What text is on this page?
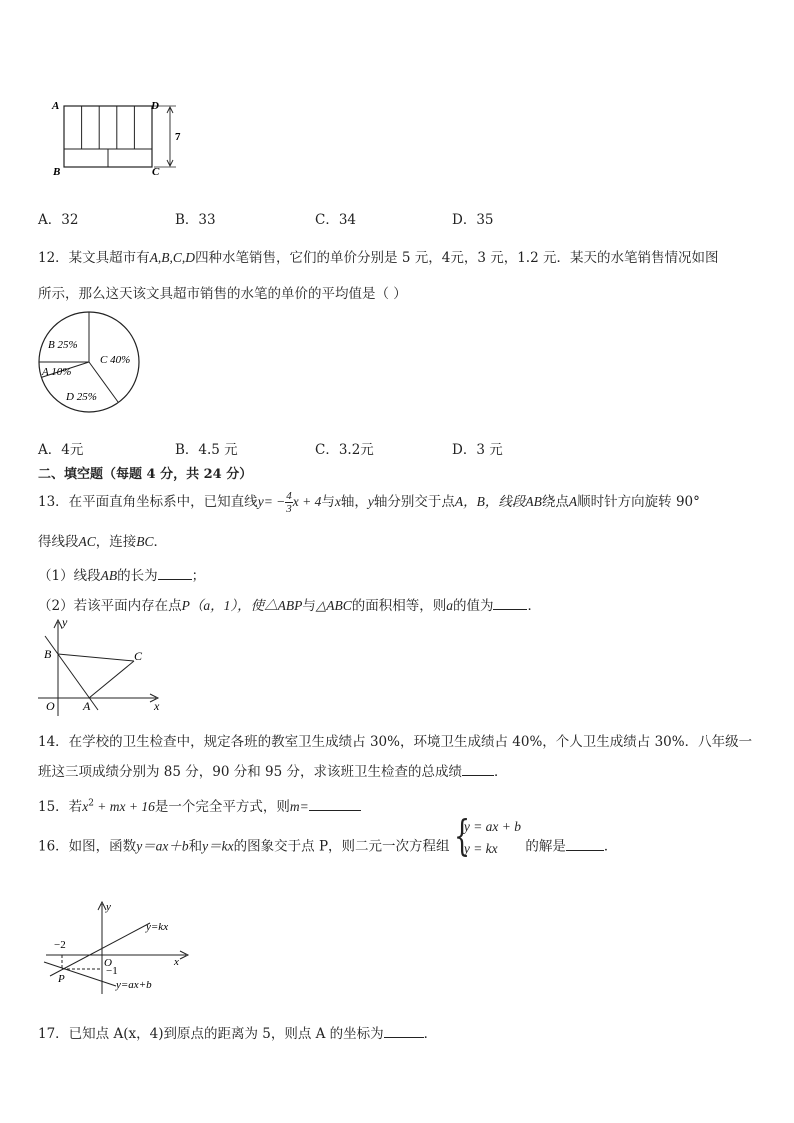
A	D
B	C
7
A．32	B．33	C．34	D．35
12．某文具超市有A,B,C,D四种水笔销售，它们的单价分别是 5 元，4元，3 元，1.2 元．某天的水笔销售情况如图
所示，那么这天该文具超市销售的水笔的单价的平均值是（ ）
B 25%
C 40%
A 10%
D 25%
A．4元	B．4.5 元	C．3.2元	D．3 元
二、填空题（每题 4 分，共 24 分）
13．在平面直角坐标系中，已知直线$y= - \frac{4}{3}x + 4$与x轴，y轴分别交于点A，B，线段AB绕点A顺时针方向旋转 90°
得线段AC，连接BC．
（1）线段AB的长为	；
（2）若该平面内存在点P（a，1），使△ABP与△ABC的面积相等，则a的值为	．
y
x
B	C
O A
14．在学校的卫生检查中，规定各班的教室卫生成绩占 30%，环境卫生成绩占 40%，个人卫生成绩占 30%．八年级一
班这三项成绩分别为 85 分，90 分和 95 分，求该班卫生检查的总成绩 ．
15．若$x^2$ + mx + 16是一个完全平方式，则m=
16．如图，函数y＝ax＋b和y＝kx的图象交于点 P，则二元一次方程组 {
y = ax + b
y = kx	的解是	．
y
x
y=kx
y=ax+b
−2
−1
O
P
17．已知点 A(x，4)到原点的距离为 5，则点 A 的坐标为	．
